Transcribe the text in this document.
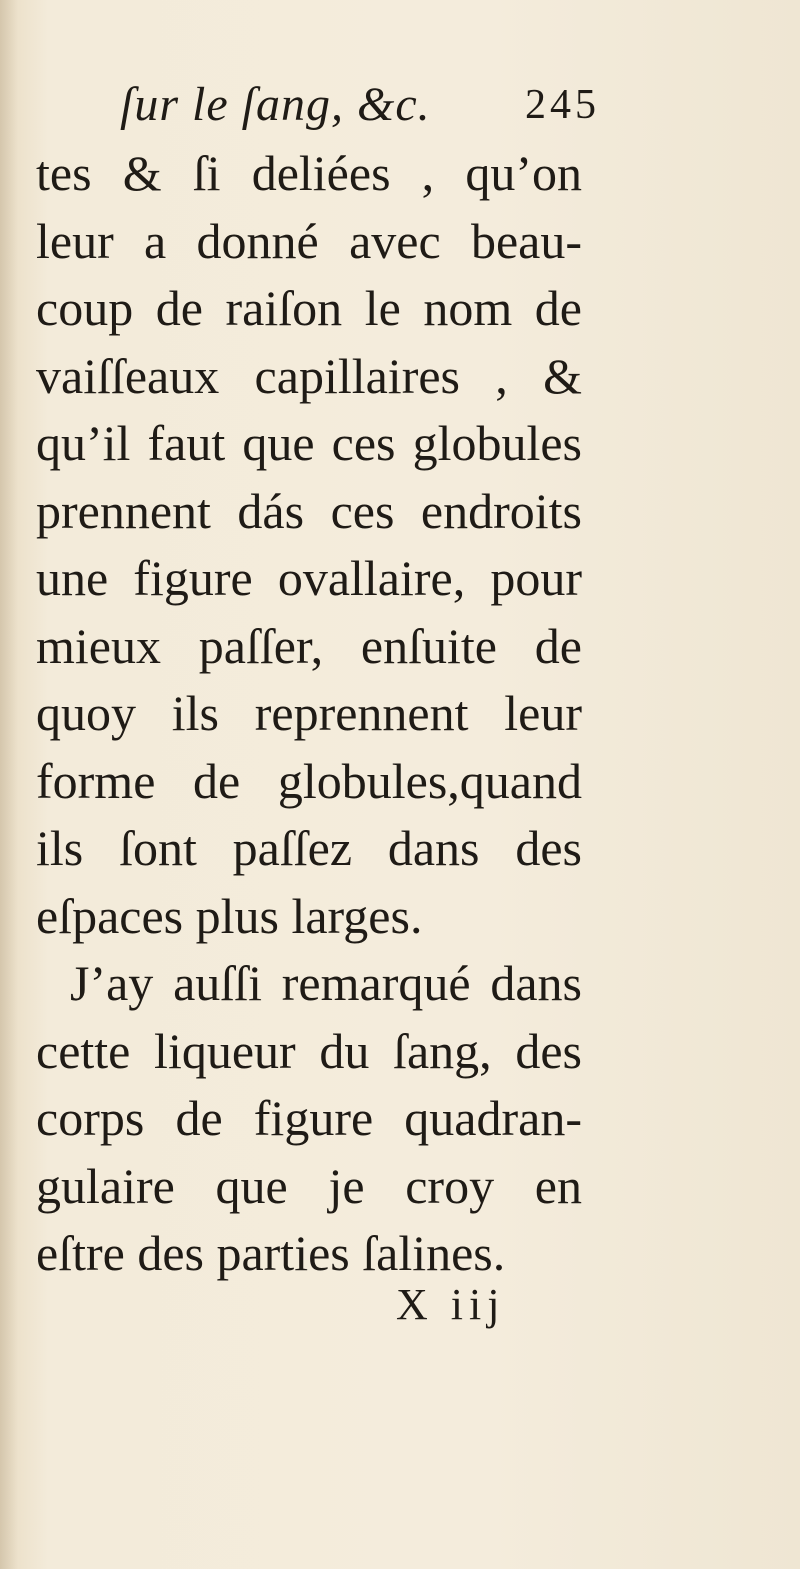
ſur le ſang, &c. 245
tes & ſi deliées , qu’on
leur a donné avec beau-
coup de raiſon le nom de
vaiſſeaux capillaires , &
qu’il faut que ces globules
prennent dás ces endroits
une figure ovallaire, pour
mieux paſſer, enſuite de
quoy ils reprennent leur
forme de globules,quand
ils ſont paſſez dans des
eſpaces plus larges.
J’ay auſſi remarqué dans
cette liqueur du ſang, des
corps de figure quadran-
gulaire que je croy en
eſtre des parties ſalines.
X iij
